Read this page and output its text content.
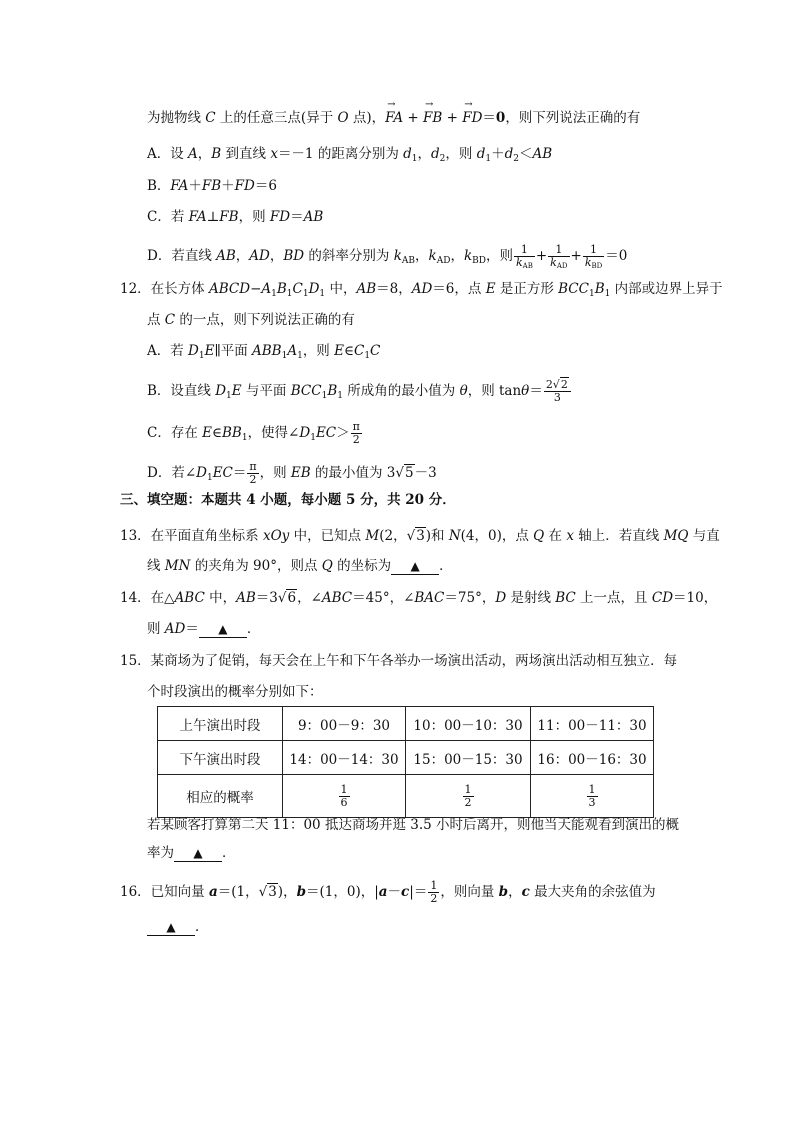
为抛物线 C 上的任意三点(异于 O 点)，→ FA + → FB + → FD＝0，则下列说法正确的有
A．设 A，B 到直线 x＝－1 的距离分别为 $d_1$，$d_2$，则 $d_1+d_2<AB$
B．FA＋FB＋FD＝6
C．若 FA⊥FB，则 FD＝AB
D．若直线 AB，AD，BD 的斜率分别为 $k_{AB}$，$k_{AD}$，$k_{BD}$，则 $\frac{1}{k_{AB}} + \frac{1}{k_{AD}} + \frac{1}{k_{BD}} =0$
12．在长方体 $ABCD-A_1B_1C_1D_1$ 中，AB＝8，AD＝6，点 E 是正方形 $BCC_1B_1$ 内部或边界上异于
点 C 的一点，则下列说法正确的有
A．若 $D_1E\parallel$平面 $ABB_1A_1$，则 $E\in C_1C$
B．设直线 $D_1E$ 与平面 $BCC_1B_1$ 所成角的最小值为 θ，则 $\tan\theta= \frac{2√2}{3}$
C．存在 $E\in BB_1$，使得$\angle D_1EC> \frac{\pi}{2}$
D．若$\angle D_1EC= \frac{\pi}{2}$ ，则 EB 的最小值为 3√5－3
三、填空题：本题共 4 小题，每小题 5 分，共 20 分．
13．在平面直角坐标系 xOy 中，已知点 M(2，√3)和 N(4，0)，点 Q 在 x 轴上．若直线 MQ 与直
线 MN 的夹角为 90°，则点 Q 的坐标为 ▲ ．
14．在△ABC 中，AB＝3√6，∠ABC＝45°，∠BAC＝75°，D 是射线 BC 上一点，且 CD＝10，
则 AD＝ ▲ ．
15．某商场为了促销，每天会在上午和下午各举办一场演出活动，两场演出活动相互独立．每
个时段演出的概率分别如下：
上午演出时段	9：00－9：30	10：00－10：30	11：00－11：30
下午演出时段	14：00－14：30	15：00－15：30	16：00－16：30
相应的概率	$\frac{1}{6}$	$\frac{1}{2}$	$\frac{1}{3}$
若某顾客打算第二天 11：00 抵达商场并逛 3.5 小时后离开，则他当天能观看到演出的概
率为 ▲ ．
16．已知向量 a＝(1，√3)，b＝(1，0)，$|a-c|= \frac{1}{2}$ ，则向量 b，c 最大夹角的余弦值为
▲ ．
